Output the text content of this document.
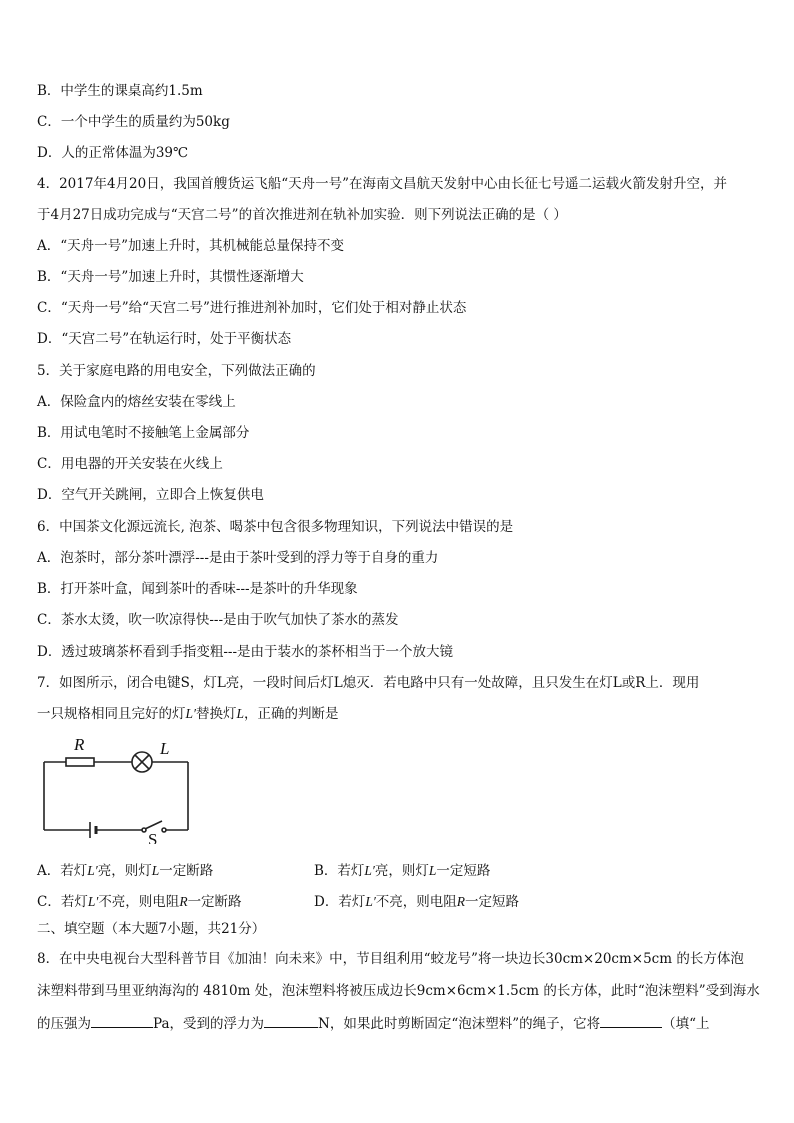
B．中学生的课桌高约1.5m
C．一个中学生的质量约为50kg
D．人的正常体温为39℃
4．2017年4月20日，我国首艘货运飞船“天舟一号”在海南文昌航天发射中心由长征七号遥二运载火箭发射升空，并
于4月27日成功完成与“天宫二号”的首次推进剂在轨补加实验．则下列说法正确的是（ ）
A．“天舟一号”加速上升时，其机械能总量保持不变
B．“天舟一号”加速上升时，其惯性逐渐增大
C．“天舟一号”给“天宫二号”进行推进剂补加时，它们处于相对静止状态
D．“天宫二号”在轨运行时，处于平衡状态
5．关于家庭电路的用电安全，下列做法正确的
A．保险盒内的熔丝安装在零线上
B．用试电笔时不接触笔上金属部分
C．用电器的开关安装在火线上
D．空气开关跳闸，立即合上恢复供电
6．中国茶文化源远流长, 泡茶、喝茶中包含很多物理知识，下列说法中错误的是
A．泡茶时，部分茶叶漂浮---是由于茶叶受到的浮力等于自身的重力
B．打开茶叶盒，闻到茶叶的香味---是茶叶的升华现象
C．茶水太烫，吹一吹凉得快---是由于吹气加快了茶水的蒸发
D．透过玻璃茶杯看到手指变粗---是由于装水的茶杯相当于一个放大镜
7．如图所示，闭合电键S，灯L亮，一段时间后灯L熄灭．若电路中只有一处故障，且只发生在灯L或R上．现用
一只规格相同且完好的灯L′替换灯L，正确的判断是
R	L
S
A．若灯L′亮，则灯L一定断路	B．若灯L′亮，则灯L一定短路
C．若灯L′不亮，则电阻R一定断路	D．若灯L′不亮，则电阻R一定短路
二、填空题（本大题7小题，共21分）
8．在中央电视台大型科普节目《加油！向未来》中，节目组利用“蛟龙号”将一块边长30cm×20cm×5cm 的长方体泡
沫塑料带到马里亚纳海沟的 4810m 处，泡沫塑料将被压成边长9cm×6cm×1.5cm 的长方体，此时“泡沫塑料”受到海水
的压强为	Pa，受到的浮力为	N，如果此时剪断固定“泡沫塑料”的绳子，它将	（填“上
